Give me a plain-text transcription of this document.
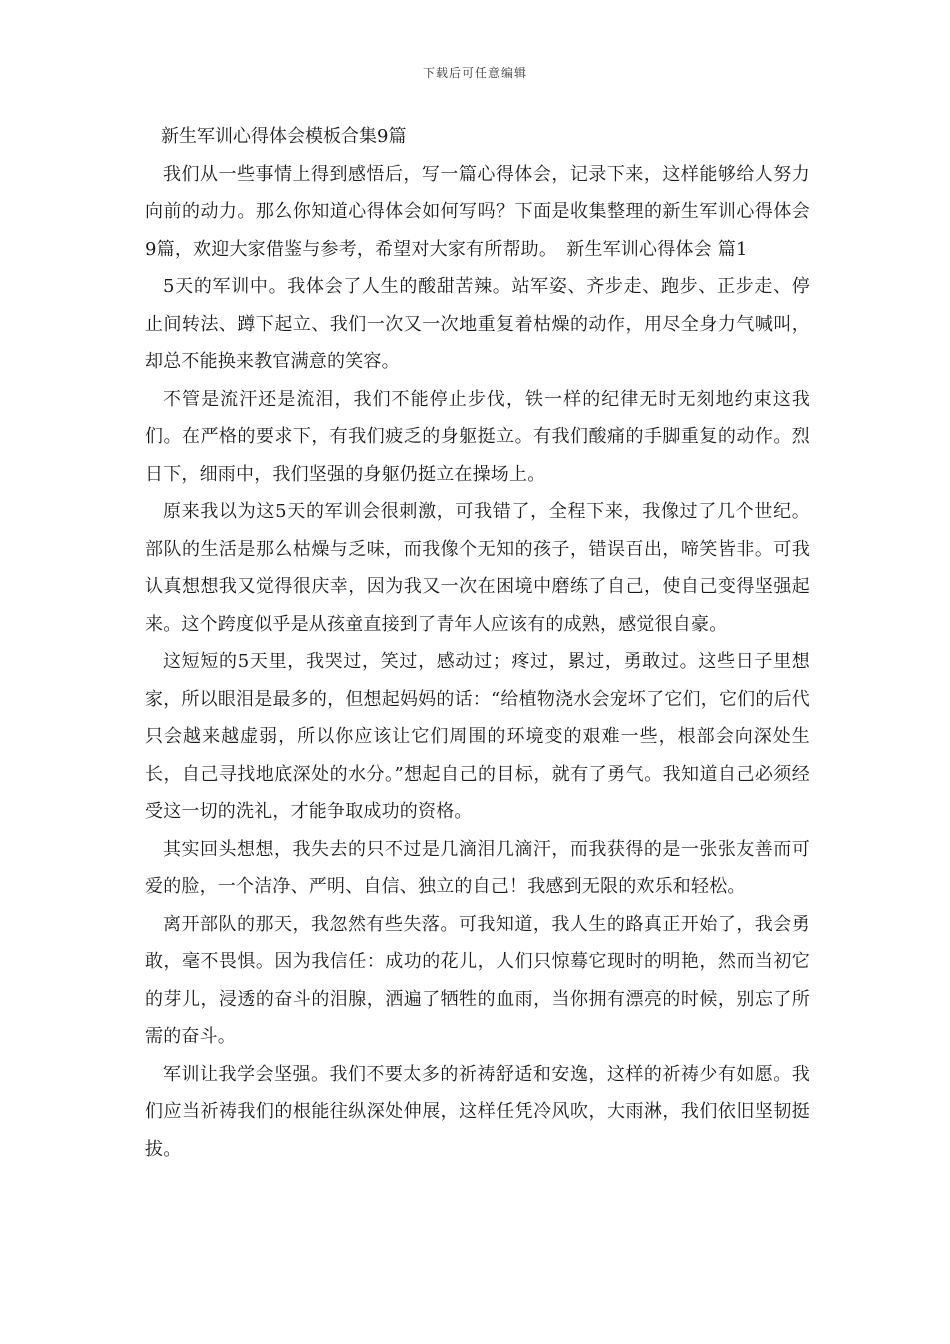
下载后可任意编辑
新生军训心得体会模板合集9篇

我们从一些事情上得到感悟后，写一篇心得体会，记录下来，这样能够给人努力向前的动力。那么你知道心得体会如何写吗？下面是收集整理的新生军训心得体会9篇，欢迎大家借鉴与参考，希望对大家有所帮助。　新生军训心得体会 篇1

5天的军训中。我体会了人生的酸甜苦辣。站军姿、齐步走、跑步、正步走、停止间转法、蹲下起立、我们一次又一次地重复着枯燥的动作，用尽全身力气喊叫，却总不能换来教官满意的笑容。

不管是流汗还是流泪，我们不能停止步伐，铁一样的纪律无时无刻地约束这我们。在严格的要求下，有我们疲乏的身躯挺立。有我们酸痛的手脚重复的动作。烈日下，细雨中，我们坚强的身躯仍挺立在操场上。

原来我以为这5天的军训会很刺激，可我错了，全程下来，我像过了几个世纪。部队的生活是那么枯燥与乏味，而我像个无知的孩子，错误百出，啼笑皆非。可我认真想想我又觉得很庆幸，因为我又一次在困境中磨练了自己，使自己变得坚强起来。这个跨度似乎是从孩童直接到了青年人应该有的成熟，感觉很自豪。

这短短的5天里，我哭过，笑过，感动过；疼过，累过，勇敢过。这些日子里想家，所以眼泪是最多的，但想起妈妈的话：“给植物浇水会宠坏了它们，它们的后代只会越来越虚弱，所以你应该让它们周围的环境变的艰难一些，根部会向深处生长，自己寻找地底深处的水分。”想起自己的目标，就有了勇气。我知道自己必须经受这一切的洗礼，才能争取成功的资格。

其实回头想想，我失去的只不过是几滴泪几滴汗，而我获得的是一张张友善而可爱的脸，一个洁净、严明、自信、独立的自己！我感到无限的欢乐和轻松。

离开部队的那天，我忽然有些失落。可我知道，我人生的路真正开始了，我会勇敢，毫不畏惧。因为我信任：成功的花儿，人们只惊蓦它现时的明艳，然而当初它的芽儿，浸透的奋斗的泪腺，洒遍了牺牲的血雨，当你拥有漂亮的时候，别忘了所需的奋斗。

军训让我学会坚强。我们不要太多的祈祷舒适和安逸，这样的祈祷少有如愿。我们应当祈祷我们的根能往纵深处伸展，这样任凭冷风吹，大雨淋，我们依旧坚韧挺拔。
